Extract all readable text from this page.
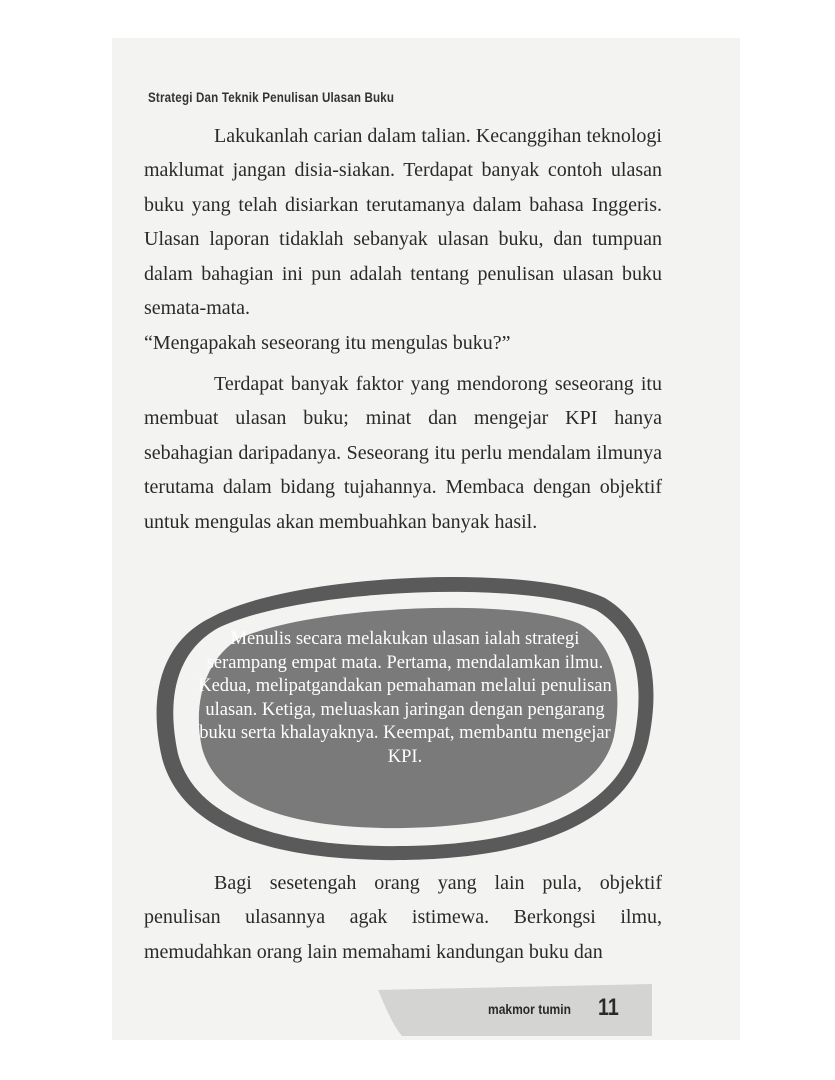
Strategi Dan Teknik Penulisan Ulasan Buku

Lakukanlah carian dalam talian. Kecanggihan teknologi maklumat jangan disia-siakan. Terdapat banyak contoh ulasan buku yang telah disiarkan terutamanya dalam bahasa Inggeris. Ulasan laporan tidaklah sebanyak ulasan buku, dan tumpuan dalam bahagian ini pun adalah tentang penulisan ulasan buku semata-mata.

“Mengapakah seseorang itu mengulas buku?”

Terdapat banyak faktor yang mendorong seseorang itu membuat ulasan buku; minat dan mengejar KPI hanya sebahagian daripadanya. Seseorang itu perlu mendalam ilmunya terutama dalam bidang tujahannya. Membaca dengan objektif untuk mengulas akan membuahkan banyak hasil.

Menulis secara melakukan ulasan ialah strategi serampang empat mata. Pertama, mendalamkan ilmu. Kedua, melipatgandakan pemahaman melalui penulisan ulasan. Ketiga, meluaskan jaringan dengan pengarang buku serta khalayaknya. Keempat, membantu mengejar KPI.

Bagi sesetengah orang yang lain pula, objektif penulisan ulasannya agak istimewa. Berkongsi ilmu, memudahkan orang lain memahami kandungan buku dan

makmor tumin 11
